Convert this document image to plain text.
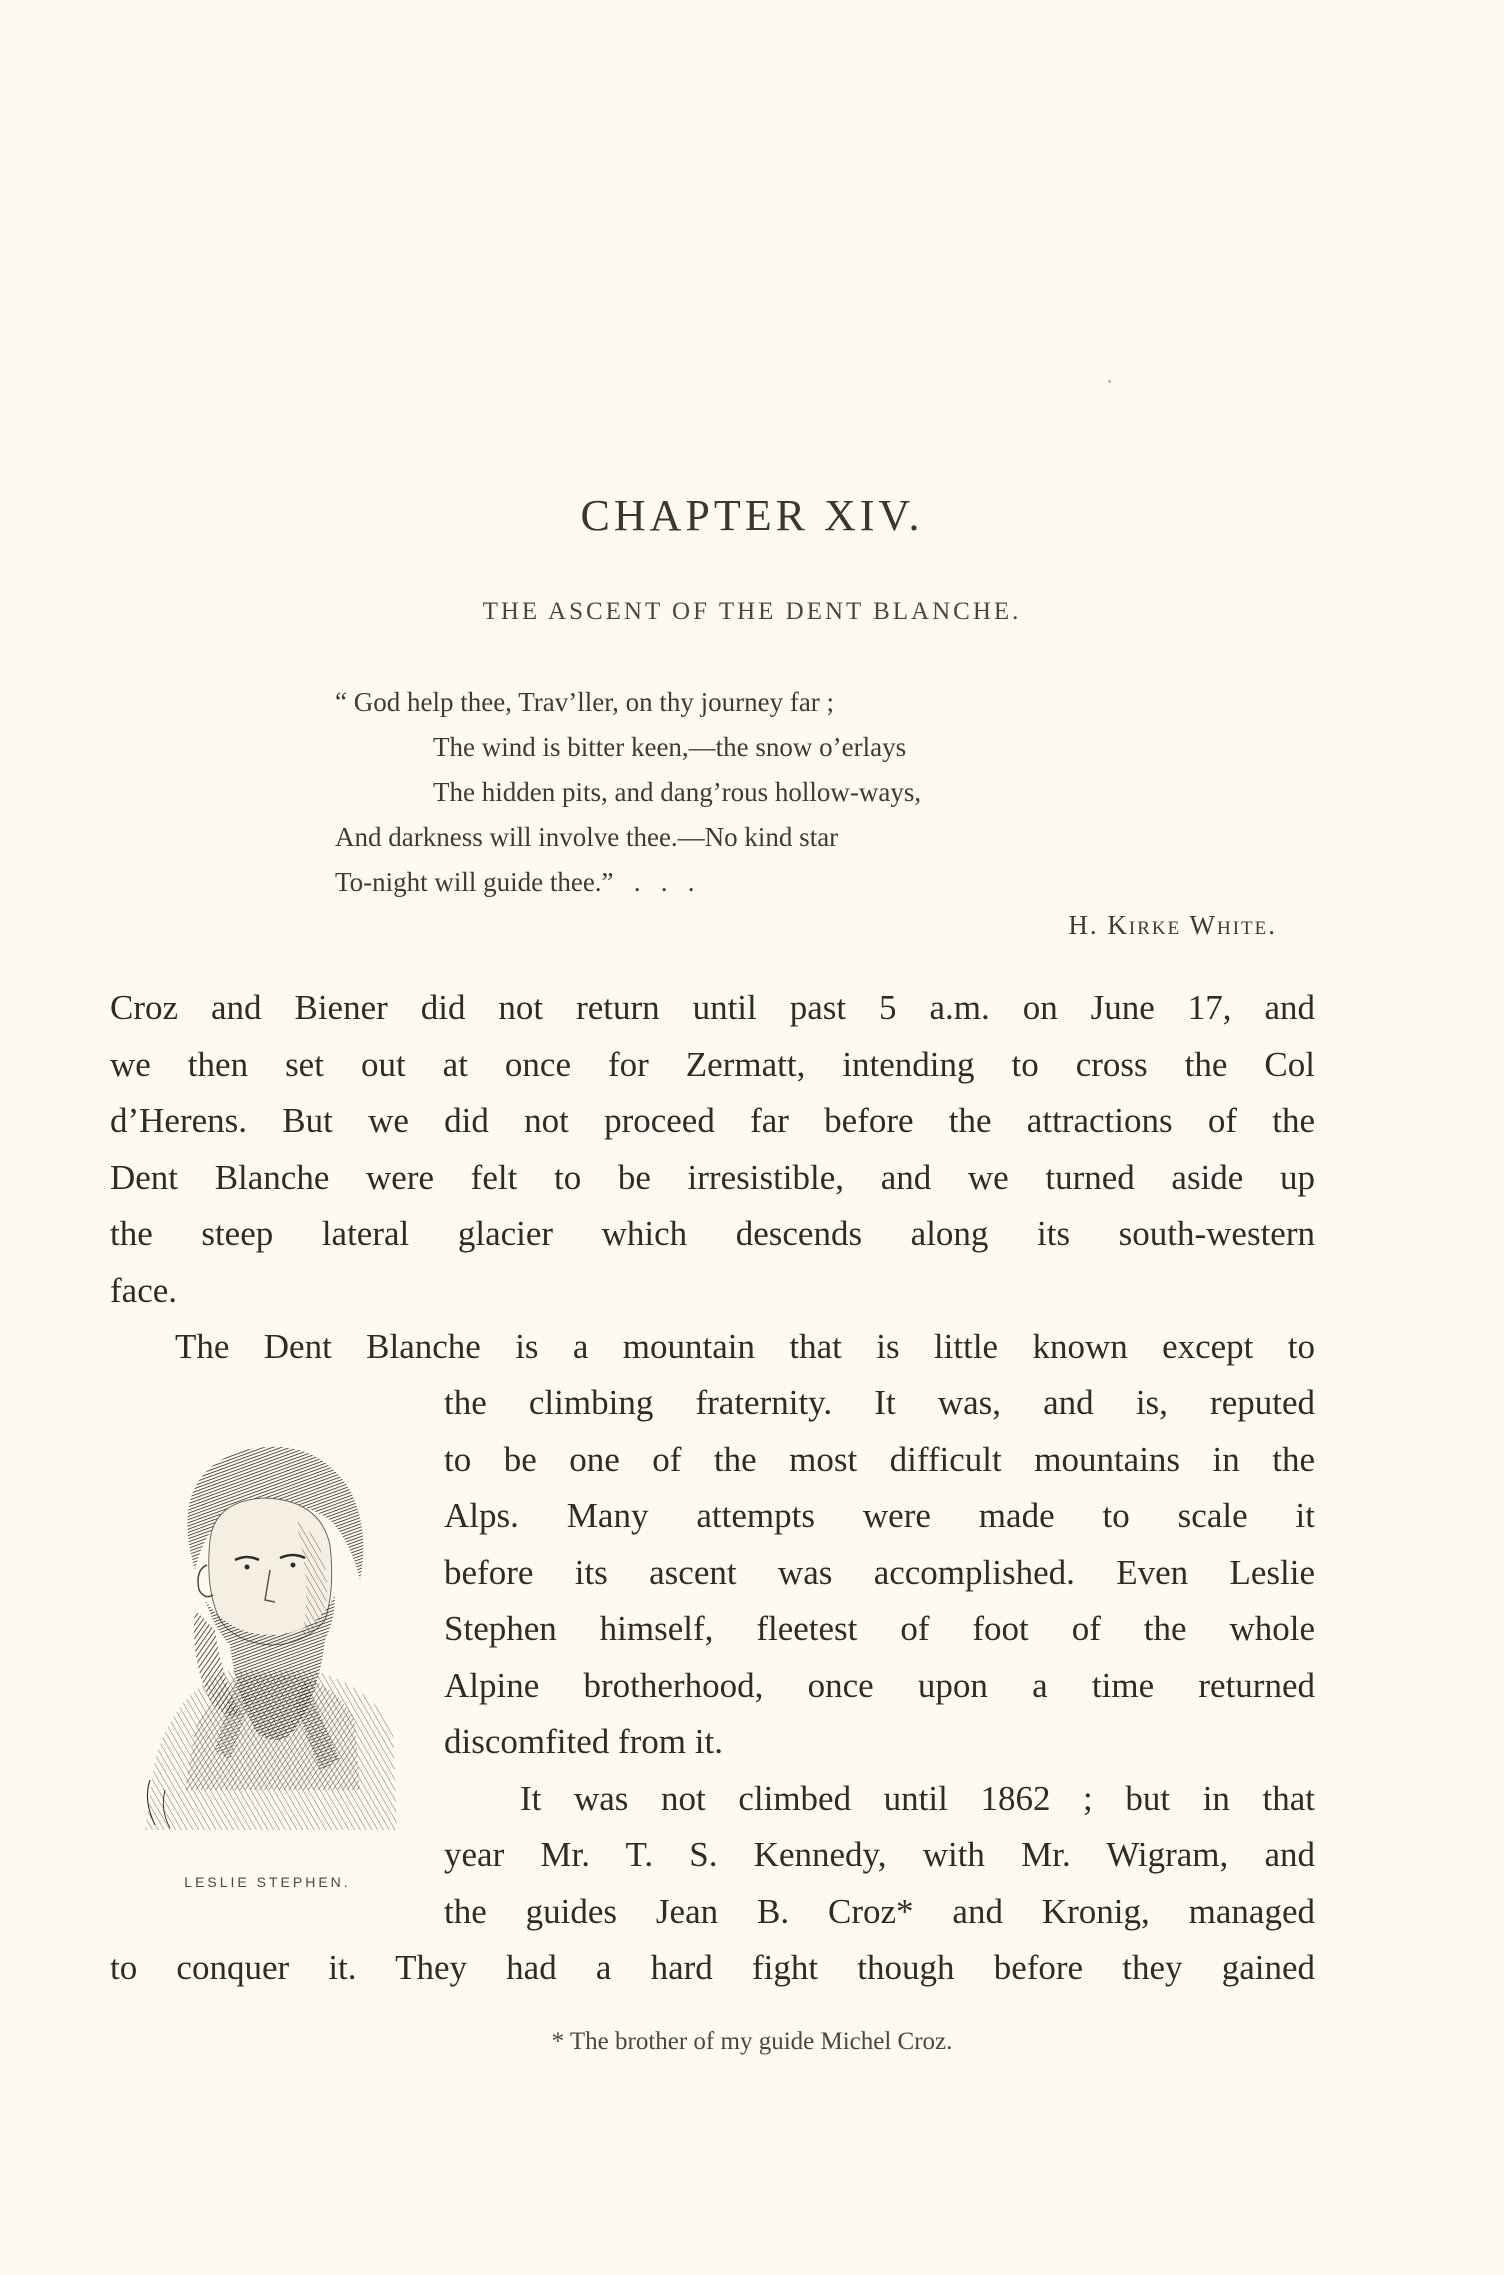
CHAPTER XIV.
THE ASCENT OF THE DENT BLANCHE.
“ God help thee, Trav’ller, on thy journey far ;
The wind is bitter keen,—the snow o’erlays
The hidden pits, and dang’rous hollow-ways,
And darkness will involve thee.—No kind star
To-night will guide thee.”   .   .   .
H. Kirke White.
Croz and Biener did not return until past 5 a.m. on June 17, and
we then set out at once for Zermatt, intending to cross the Col
d’Herens. But we did not proceed far before the attractions of the
Dent Blanche were felt to be irresistible, and we turned aside up
the steep lateral glacier which descends along its south-western
face.
The Dent Blanche is a mountain that is little known except to
the climbing fraternity. It was, and is, reputed
to be one of the most difficult mountains in the
Alps. Many attempts were made to scale it
before its ascent was accomplished. Even Leslie
Stephen himself, fleetest of foot of the whole
Alpine brotherhood, once upon a time returned
discomfited from it.
It was not climbed until 1862 ; but in that
year Mr. T. S. Kennedy, with Mr. Wigram, and
the guides Jean B. Croz* and Kronig, managed
to conquer it. They had a hard fight though before they gained
LESLIE STEPHEN.
* The brother of my guide Michel Croz.
